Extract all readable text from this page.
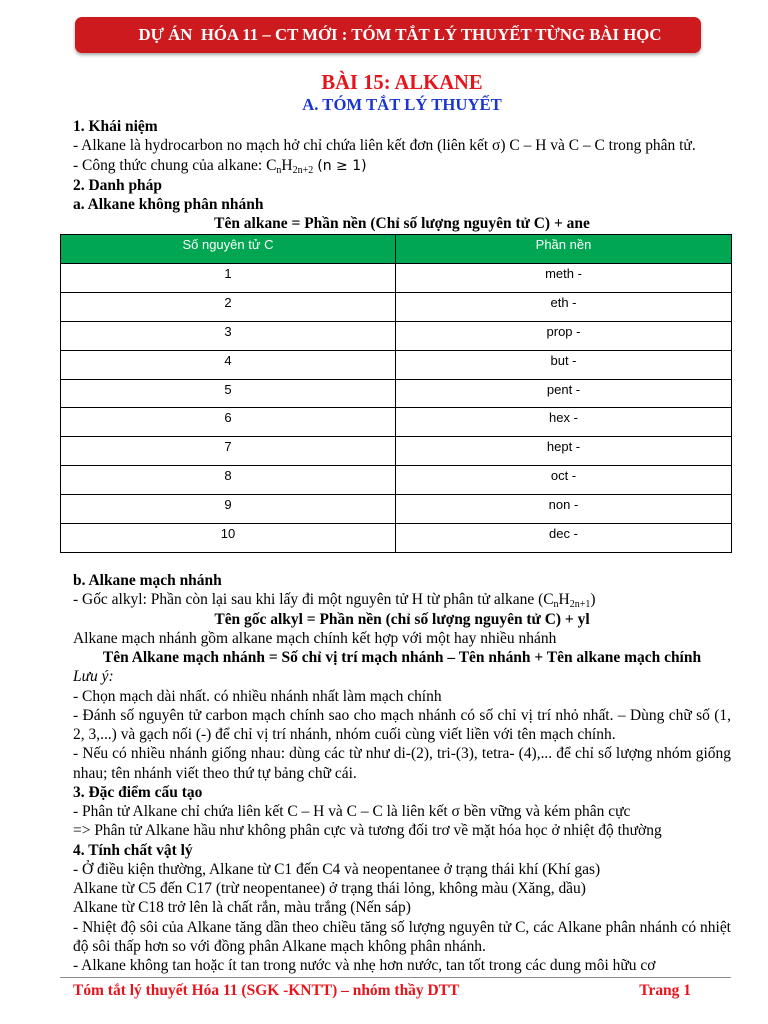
DỰ ÁN  HÓA 11 – CT MỚI : TÓM TẮT LÝ THUYẾT TỪNG BÀI HỌC
BÀI 15: ALKANE
A. TÓM TẮT LÝ THUYẾT

1. Khái niệm

- Alkane là hydrocarbon no mạch hở chỉ chứa liên kết đơn (liên kết σ) C – H và C – C trong phân tử.

- Công thức chung của alkane: $C_nH_{2n+2}$ (n ≥ 1)

2. Danh pháp

a. Alkane không phân nhánh

Tên alkane = Phần nền (Chỉ số lượng nguyên tử C) + ane

Số nguyên tử C	Phần nền
1	meth -
2	eth -
3	prop -
4	but -
5	pent -
6	hex -
7	hept -
8	oct -
9	non -
10	dec -

b. Alkane mạch nhánh

- Gốc alkyl: Phần còn lại sau khi lấy đi một nguyên tử H từ phân tử alkane $(C_nH_{2n+1})$

Tên gốc alkyl = Phần nền (chỉ số lượng nguyên tử C) + yl

Alkane mạch nhánh gồm alkane mạch chính kết hợp với một hay nhiều nhánh

Tên Alkane mạch nhánh = Số chỉ vị trí mạch nhánh – Tên nhánh + Tên alkane mạch chính

Lưu ý:

- Chọn mạch dài nhất. có nhiều nhánh nhất làm mạch chính

- Đánh số nguyên tử carbon mạch chính sao cho mạch nhánh có số chỉ vị trí nhỏ nhất. – Dùng chữ số (1, 2, 3,...) và gạch nối (-) để chỉ vị trí nhánh, nhóm cuối cùng viết liền với tên mạch chính.

- Nếu có nhiều nhánh giống nhau: dùng các từ như di-(2), tri-(3), tetra- (4),... để chỉ số lượng nhóm giống nhau; tên nhánh viết theo thứ tự bảng chữ cái.

3. Đặc điểm cấu tạo

- Phân tử Alkane chỉ chứa liên kết C – H và C – C là liên kết σ bền vững và kém phân cực

=> Phân tử Alkane hầu như không phân cực và tương đối trơ về mặt hóa học ở nhiệt độ thường

4. Tính chất vật lý

- Ở điều kiện thường, Alkane từ C1 đến C4 và neopentanee ở trạng thái khí (Khí gas)

Alkane từ C5 đến C17 (trừ neopentanee) ở trạng thái lỏng, không màu (Xăng, dầu)

Alkane từ C18 trở lên là chất rắn, màu trắng (Nến sáp)

- Nhiệt độ sôi của Alkane tăng dần theo chiều tăng số lượng nguyên tử C, các Alkane phân nhánh có nhiệt độ sôi thấp hơn so với đồng phân Alkane mạch không phân nhánh.

- Alkane không tan hoặc ít tan trong nước và nhẹ hơn nước, tan tốt trong các dung môi hữu cơ

Tóm tắt lý thuyết Hóa 11 (SGK -KNTT) – nhóm thầy DTT	Trang 1
